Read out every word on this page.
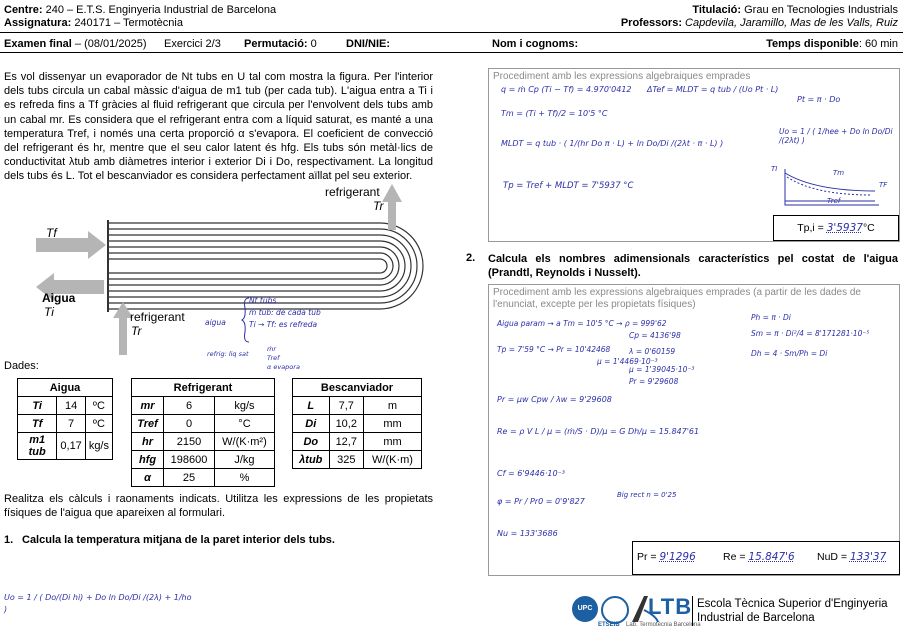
Centre: 240 – E.T.S. Enginyeria Industrial de Barcelona
Assignatura: 240171 – Termotècnia
Titulació: Grau en Tecnologies Industrials
Professors: Capdevila, Jaramillo, Mas de les Valls, Ruiz
Examen final – (08/01/2025) Exercici 2/3 Permutació: 0	DNI/NIE:	Nom i cognoms:	Temps disponible: 60 min
Es vol dissenyar un evaporador de Nt tubs en U tal com mostra la figura. Per l'interior dels tubs circula un cabal màssic d'aigua de m1 tub (per cada tub). L'aigua entra a Ti i es refreda fins a Tf gràcies al fluid refrigerant que circula per l'envolvent dels tubs amb un cabal mr. Es considera que el refrigerant entra com a líquid saturat, es manté a una temperatura Tref, i només una certa proporció α s'evapora. El coeficient de convecció del refrigerant és hr, mentre que el seu calor latent és hfg. Els tubs són metàl·lics de conductivitat λtub amb diàmetres interior i exterior Di i Do, respectivament. La longitud dels tubs és L. Tot el bescanviador es considera perfectament aïllat pel seu exterior.
refrigerant
Tr
Tf
Aigua
Ti	refrigerant
Tr
Nt tubs
ṁ tub: de cada tub
aigua	Ti → Tf: es refreda
refrig: liq sat
ṁr
Tref
α evapora
Dades:
Aigua		
Ti	14	ºC
Tf	7	ºC
m1 tub	0,17	kg/s
Refrigerant		
mr	6	kg/s
Tref	0	°C
hr	2150	W/(K·m²)
hfg	198600	J/kg
α	25	%
Bescanviador		
L	7,7	m
Di	10,2	mm
Do	12,7	mm
λtub	325	W/(K·m)
Realitza els càlculs i raonaments indicats. Utilitza les expressions de les propietats físiques de l'aigua que apareixen al formulari.
1. Calcula la temperatura mitjana de la paret interior dels tubs.
Procediment amb les expressions algebraiques emprades
q = ṁ Cp (Ti − Tf) = 4.970'0412 ΔTef = MLDT = q tub / (Uo Pt · L)
Tm = (Ti + Tf)/2 = 10'5 °C
MLDT = q tub · ( 1/(hr Do π · L) + ln Do/Di /(2λt · π · L) )
Pt = π · Do
Uo = 1 / ( 1/hee + Do ln Do/Di /(2λt) )
Tp = Tref + MLDT = 7'5937 °C
TI	Tm
TF
Tref
Tp,i = 3'5937°C
2. Calcula els nombres adimensionals característics pel costat de l'aigua (Prandtl, Reynolds i Nusselt).
Procediment amb les expressions algebraiques emprades (a partir de les dades de l'enunciat, excepte per les propietats físiques)
Aigua param → a Tm = 10'5 °C → ρ = 999'62
Cp = 4136'98
Tp = 7'59 °C → Pr = 10'42468 λ = 0'60159
μ = 1'4469·10⁻³
μ = 1'39045·10⁻³
Pr = 9'29608
Ph = π · Di
Sm = π · Di²/4 = 8'171281·10⁻⁵
Dh = 4 · Sm/Ph = Di
Pr = μw Cpw / λw = 9'29608
Re = ρ V L / μ = (ṁ/S · D)/μ = G Dh/μ = 15.847'61
Cf = 6'9446·10⁻³
φ = Pr / Pr0 = 0'9'827
Big rect n = 0'25
Nu = 133'3686
Pr = 9'1296	Re = 15.847'6 NuD = 133'37
Uo = 1 / ( Do/(Di hi) + Do ln Do/Di /(2λ) + 1/ho )	UPC
ETSEIB
LTB
Lab. Termotècnia Barcelona
Escola Tècnica Superior d'Enginyeria
Industrial de Barcelona
